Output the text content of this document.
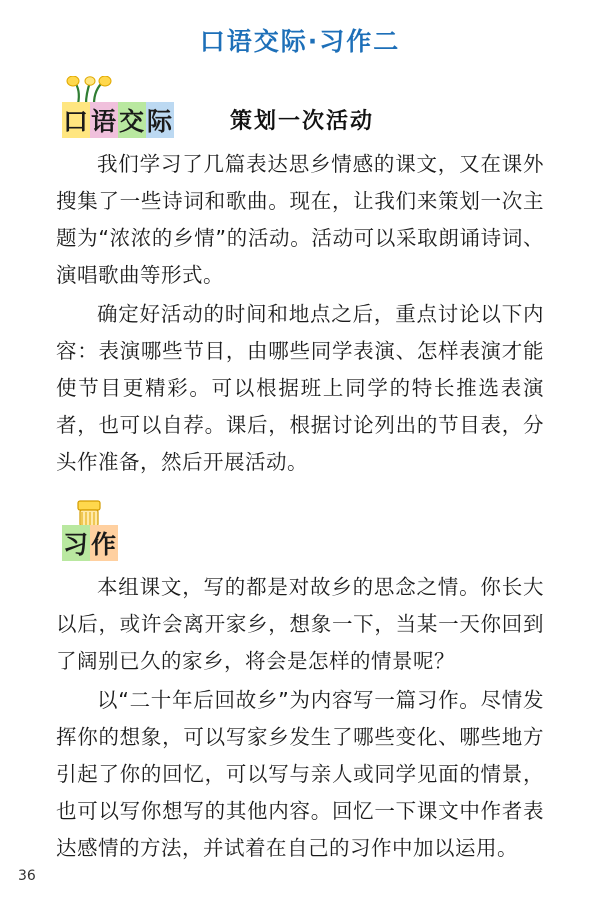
口语交际·习作二
口语交际	策划一次活动

我们学习了几篇表达思乡情感的课文，又在课外搜集了一些诗词和歌曲。现在，让我们来策划一次主题为“浓浓的乡情”的活动。活动可以采取朗诵诗词、演唱歌曲等形式。

确定好活动的时间和地点之后，重点讨论以下内容：表演哪些节目，由哪些同学表演、怎样表演才能使节目更精彩。可以根据班上同学的特长推选表演者，也可以自荐。课后，根据讨论列出的节目表，分头作准备，然后开展活动。

习作

本组课文，写的都是对故乡的思念之情。你长大以后，或许会离开家乡，想象一下，当某一天你回到了阔别已久的家乡，将会是怎样的情景呢？

以“二十年后回故乡”为内容写一篇习作。尽情发挥你的想象，可以写家乡发生了哪些变化、哪些地方引起了你的回忆，可以写与亲人或同学见面的情景，也可以写你想写的其他内容。回忆一下课文中作者表达感情的方法，并试着在自己的习作中加以运用。

36
